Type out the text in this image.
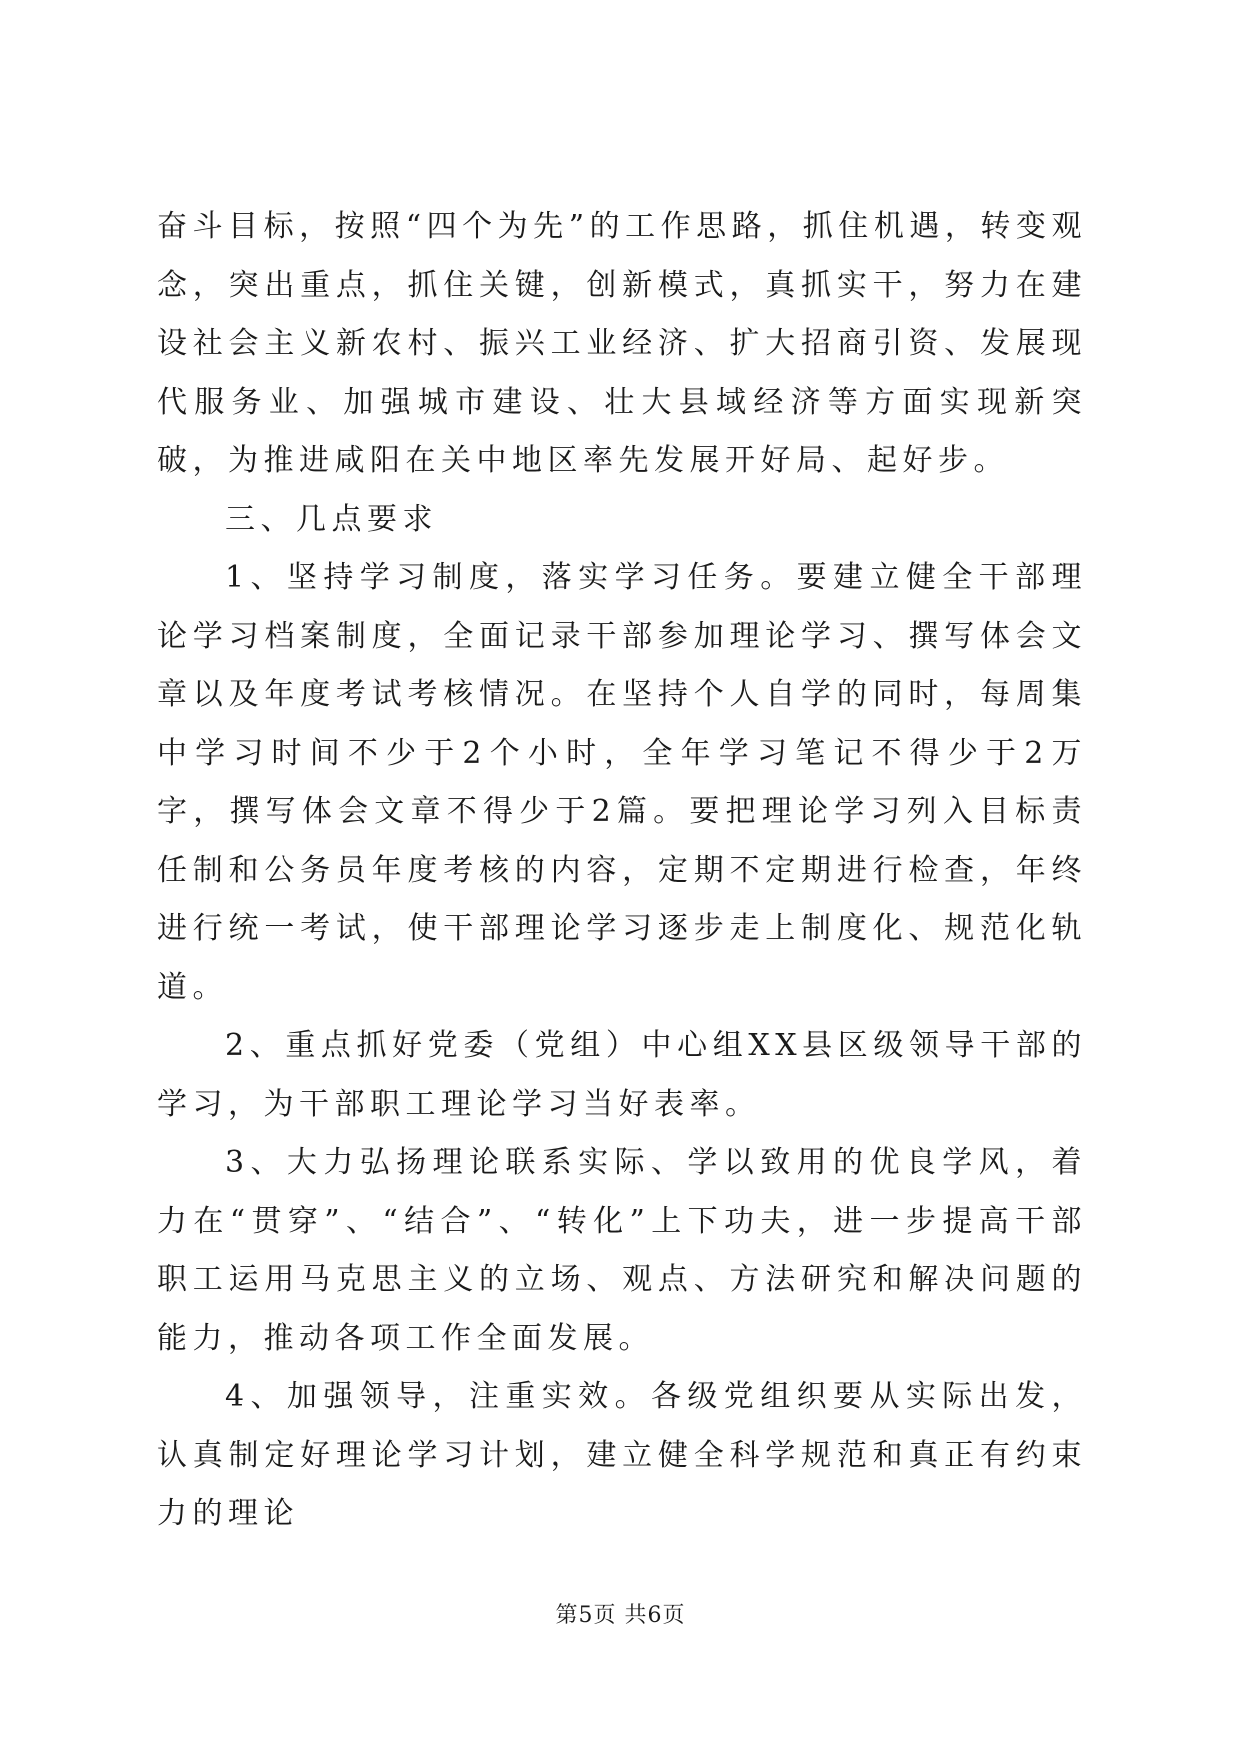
奋斗目标，按照“四个为先”的工作思路，抓住机遇，转变观念，突出重点，抓住关键，创新模式，真抓实干，努力在建设社会主义新农村、振兴工业经济、扩大招商引资、发展现代服务业、加强城市建设、壮大县域经济等方面实现新突破，为推进咸阳在关中地区率先发展开好局、起好步。

三、几点要求

1、坚持学习制度，落实学习任务。要建立健全干部理论学习档案制度，全面记录干部参加理论学习、撰写体会文章以及年度考试考核情况。在坚持个人自学的同时，每周集中学习时间不少于2个小时，全年学习笔记不得少于2万字，撰写体会文章不得少于2篇。要把理论学习列入目标责任制和公务员年度考核的内容，定期不定期进行检查，年终进行统一考试，使干部理论学习逐步走上制度化、规范化轨道。

2、重点抓好党委（党组）中心组XX县区级领导干部的学习，为干部职工理论学习当好表率。

3、大力弘扬理论联系实际、学以致用的优良学风，着力在“贯穿”、“结合”、“转化”上下功夫，进一步提高干部职工运用马克思主义的立场、观点、方法研究和解决问题的能力，推动各项工作全面发展。

4、加强领导，注重实效。各级党组织要从实际出发，认真制定好理论学习计划，建立健全科学规范和真正有约束力的理论

第5页 共6页
